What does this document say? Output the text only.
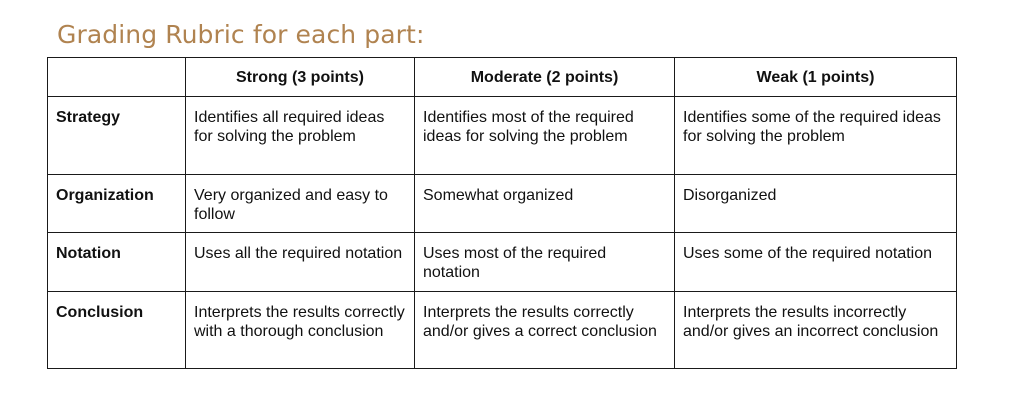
Grading Rubric for each part:
	Strong (3 points)	Moderate (2 points)	Weak (1 points)
Strategy	Identifies all required ideas for solving the problem	Identifies most of the required ideas for solving the problem	Identifies some of the required ideas for solving the problem
Organization	Very organized and easy to follow	Somewhat organized	Disorganized
Notation	Uses all the required notation	Uses most of the required notation	Uses some of the required notation
Conclusion	Interprets the results correctly with a thorough conclusion	Interprets the results correctly and/or gives a correct conclusion	Interprets the results incorrectly and/or gives an incorrect conclusion
